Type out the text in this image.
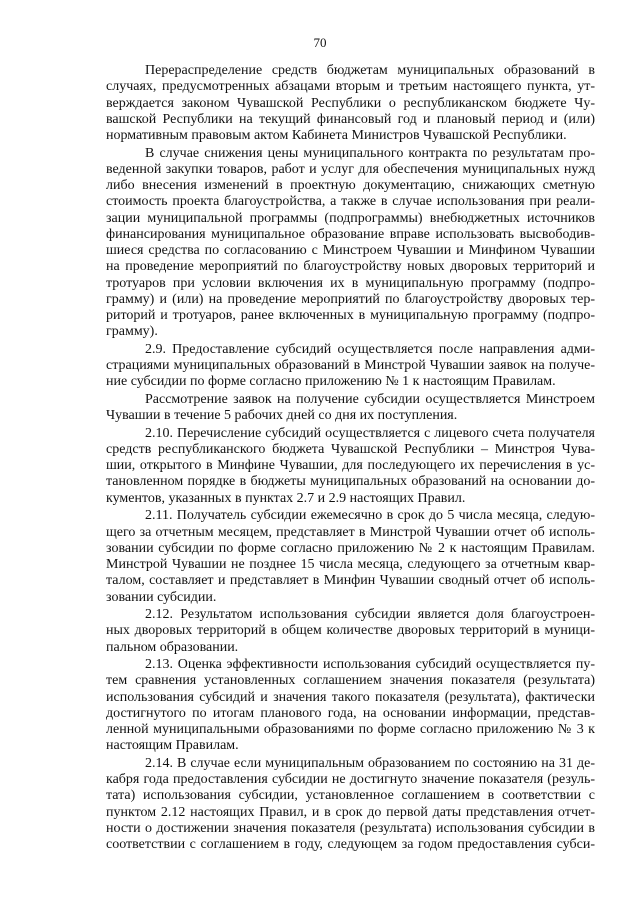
70
Перераспределение средств бюджетам муниципальных образований в
случаях, предусмотренных абзацами вторым и третьим настоящего пункта, ут-
верждается законом Чувашской Республики о республиканском бюджете Чу-
вашской Республики на текущий финансовый год и плановый период и (или)
нормативным правовым актом Кабинета Министров Чувашской Республики.
В случае снижения цены муниципального контракта по результатам про-
веденной закупки товаров, работ и услуг для обеспечения муниципальных нужд
либо внесения изменений в проектную документацию, снижающих сметную
стоимость проекта благоустройства, а также в случае использования при реали-
зации муниципальной программы (подпрограммы) внебюджетных источников
финансирования муниципальное образование вправе использовать высвободив-
шиеся средства по согласованию с Минстроем Чувашии и Минфином Чувашии
на проведение мероприятий по благоустройству новых дворовых территорий и
тротуаров при условии включения их в муниципальную программу (подпро-
грамму) и (или) на проведение мероприятий по благоустройству дворовых тер-
риторий и тротуаров, ранее включенных в муниципальную программу (подпро-
грамму).
2.9. Предоставление субсидий осуществляется после направления адми-
страциями муниципальных образований в Минстрой Чувашии заявок на получе-
ние субсидии по форме согласно приложению № 1 к настоящим Правилам.
Рассмотрение заявок на получение субсидии осуществляется Минстроем
Чувашии в течение 5 рабочих дней со дня их поступления.
2.10. Перечисление субсидий осуществляется с лицевого счета получателя
средств республиканского бюджета Чувашской Республики – Минстроя Чува-
шии, открытого в Минфине Чувашии, для последующего их перечисления в ус-
тановленном порядке в бюджеты муниципальных образований на основании до-
кументов, указанных в пунктах 2.7 и 2.9 настоящих Правил.
2.11. Получатель субсидии ежемесячно в срок до 5 числа месяца, следую-
щего за отчетным месяцем, представляет в Минстрой Чувашии отчет об исполь-
зовании субсидии по форме согласно приложению № 2 к настоящим Правилам.
Минстрой Чувашии не позднее 15 числа месяца, следующего за отчетным квар-
талом, составляет и представляет в Минфин Чувашии сводный отчет об исполь-
зовании субсидии.
2.12. Результатом использования субсидии является доля благоустроен-
ных дворовых территорий в общем количестве дворовых территорий в муници-
пальном образовании.
2.13. Оценка эффективности использования субсидий осуществляется пу-
тем сравнения установленных соглашением значения показателя (результата)
использования субсидий и значения такого показателя (результата), фактически
достигнутого по итогам планового года, на основании информации, представ-
ленной муниципальными образованиями по форме согласно приложению № 3 к
настоящим Правилам.
2.14. В случае если муниципальным образованием по состоянию на 31 де-
кабря года предоставления субсидии не достигнуто значение показателя (резуль-
тата) использования субсидии, установленное соглашением в соответствии с
пунктом 2.12 настоящих Правил, и в срок до первой даты представления отчет-
ности о достижении значения показателя (результата) использования субсидии в
соответствии с соглашением в году, следующем за годом предоставления субси-
